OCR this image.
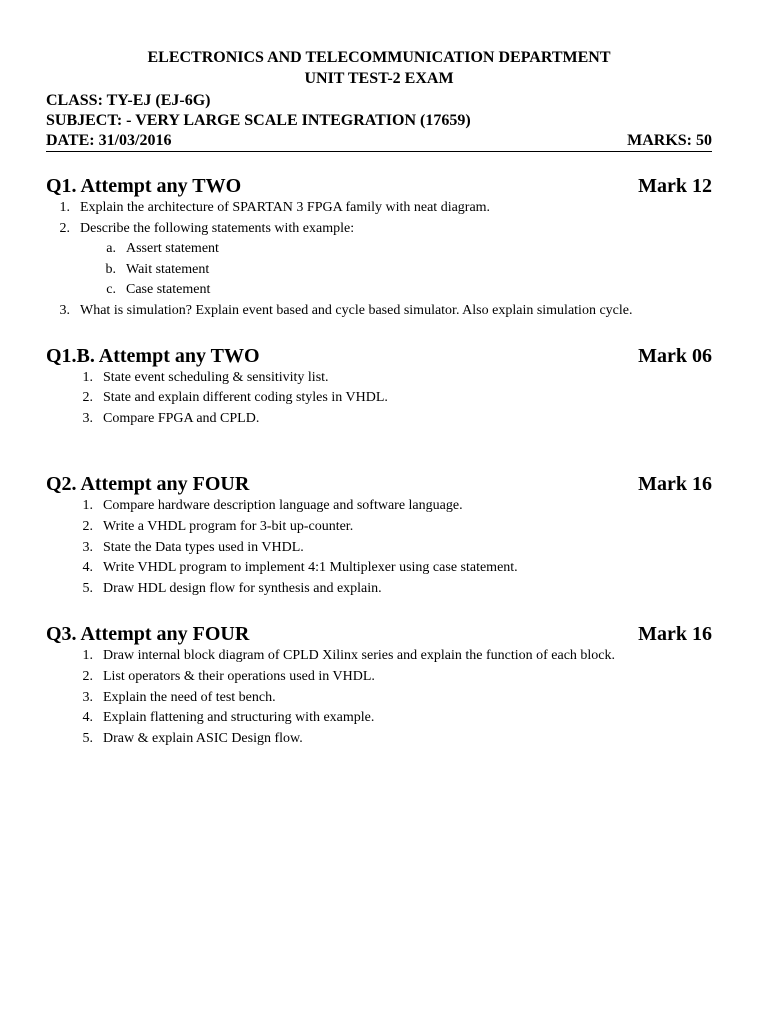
ELECTRONICS AND TELECOMMUNICATION DEPARTMENT
UNIT TEST-2 EXAM
CLASS: TY-EJ (EJ-6G)
SUBJECT: - VERY LARGE SCALE INTEGRATION (17659)
DATE: 31/03/2016	MARKS: 50
Q1. Attempt any TWO	Mark 12
1. Explain the architecture of SPARTAN 3 FPGA family with neat diagram.
2. Describe the following statements with example:
a. Assert statement
b. Wait statement
c. Case statement
3. What is simulation? Explain event based and cycle based simulator. Also explain simulation cycle.
Q1.B. Attempt any TWO	Mark 06
1. State event scheduling & sensitivity list.
2. State and explain different coding styles in VHDL.
3. Compare FPGA and CPLD.
Q2. Attempt any FOUR	Mark 16
1. Compare hardware description language and software language.
2. Write a VHDL program for 3-bit up-counter.
3. State the Data types used in VHDL.
4. Write VHDL program to implement 4:1 Multiplexer using case statement.
5. Draw HDL design flow for synthesis and explain.
Q3. Attempt any FOUR	Mark 16
1. Draw internal block diagram of CPLD Xilinx series and explain the function of each block.
2. List operators & their operations used in VHDL.
3. Explain the need of test bench.
4. Explain flattening and structuring with example.
5. Draw & explain ASIC Design flow.
